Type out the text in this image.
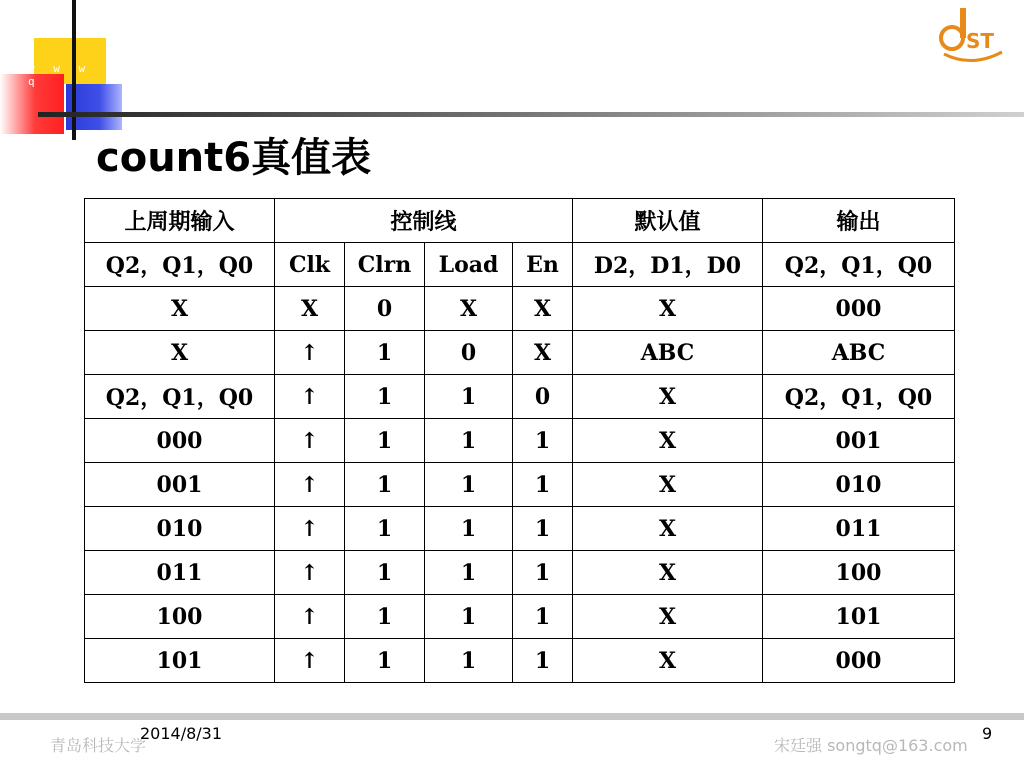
w w w . q
ST
count6真值表
上周期输入	控制线				默认值	输出
Q2，Q1，Q0	Clk	Clrn	Load	En	D2，D1，D0	Q2，Q1，Q0
X	X	0	X	X	X	000
X	↑	1	0	X	ABC	ABC
Q2，Q1，Q0	↑	1	1	0	X	Q2，Q1，Q0
000	↑	1	1	1	X	001
001	↑	1	1	1	X	010
010	↑	1	1	1	X	011
011	↑	1	1	1	X	100
100	↑	1	1	1	X	101
101	↑	1	1	1	X	000
青岛科技大学
2014/8/31
宋廷强 songtq@163.com
9
